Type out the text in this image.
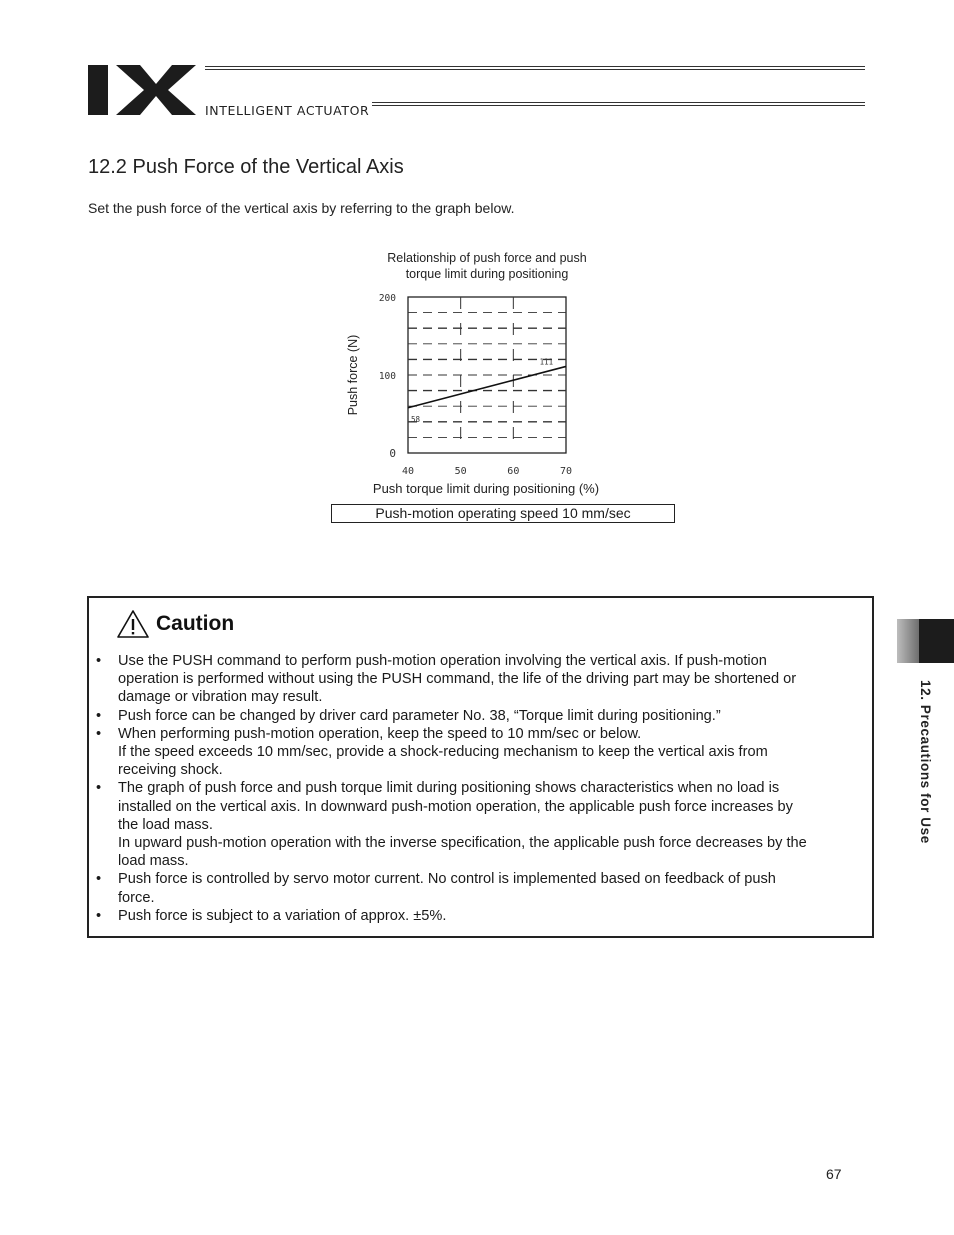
INTELLIGENT ACTUATOR
12.2 Push Force of the Vertical Axis
Set the push force of the vertical axis by referring to the graph below.
Relationship of push force and push
torque limit during positioning
0
100
200
40	50	60	70
58
111
Push force (N)
Push torque limit during positioning (%)
Push-motion operating speed 10 mm/sec
Caution
• Use the PUSH command to perform push-motion operation involving the vertical axis. If push-motion
operation is performed without using the PUSH command, the life of the driving part may be shortened or
damage or vibration may result.
• Push force can be changed by driver card parameter No. 38, “Torque limit during positioning.”
• When performing push-motion operation, keep the speed to 10 mm/sec or below.
If the speed exceeds 10 mm/sec, provide a shock-reducing mechanism to keep the vertical axis from
receiving shock.
• The graph of push force and push torque limit during positioning shows characteristics when no load is
installed on the vertical axis. In downward push-motion operation, the applicable push force increases by
the load mass.
In upward push-motion operation with the inverse specification, the applicable push force decreases by the
load mass.
• Push force is controlled by servo motor current. No control is implemented based on feedback of push
force.
• Push force is subject to a variation of approx. ±5%.
12. Precautions for Use
67
